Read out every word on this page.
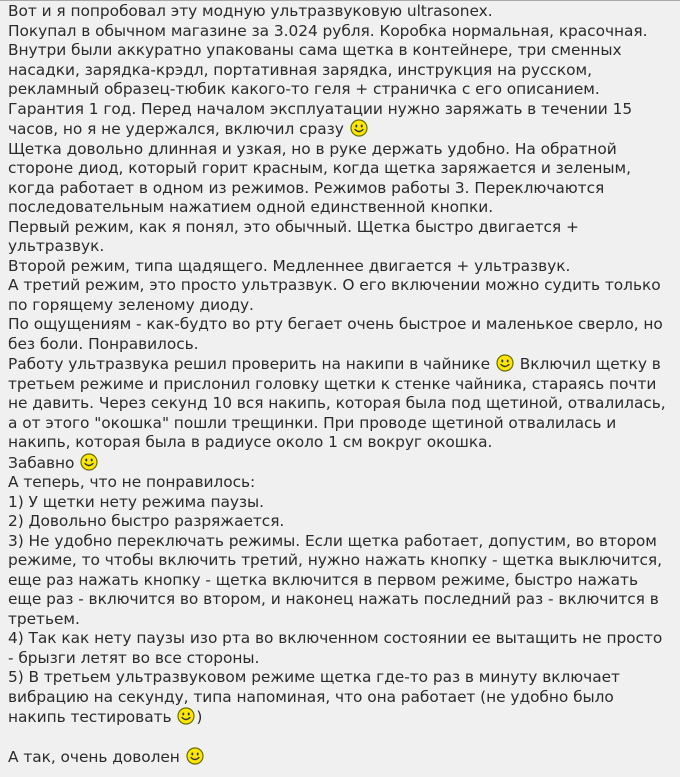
Вот и я попробовал эту модную ультразвуковую ultrasonex.

Покупал в обычном магазине за 3.024 рубля. Коробка нормальная, красочная. Внутри были аккуратно упакованы сама щетка в контейнере, три сменных насадки, зарядка-крэдл, портативная зарядка, инструкция на русском, рекламный образец-тюбик какого-то геля + страничка с его описанием. Гарантия 1 год. Перед началом эксплуатации нужно заряжать в течении 15 часов, но я не удержался, включил сразу

Щетка довольно длинная и узкая, но в руке держать удобно. На обратной стороне диод, который горит красным, когда щетка заряжается и зеленым, когда работает в одном из режимов. Режимов работы 3. Переключаются последовательным нажатием одной единственной кнопки.

Первый режим, как я понял, это обычный. Щетка быстро двигается + ультразвук.

Второй режим, типа щадящего. Медленнее двигается + ультразвук.

А третий режим, это просто ультразвук. О его включении можно судить только по горящему зеленому диоду.

По ощущениям - как-будто во рту бегает очень быстрое и маленькое сверло, но без боли. Понравилось.

Работу ультразвука решил проверить на накипи в чайнике Включил щетку в третьем режиме и прислонил головку щетки к стенке чайника, стараясь почти не давить. Через секунд 10 вся накипь, которая была под щетиной, отвалилась, а от этого "окошка" пошли трещинки. При проводе щетиной отвалилась и накипь, которая была в радиусе около 1 см вокруг окошка.

Забавно

А теперь, что не понравилось:

1) У щетки нету режима паузы.

2) Довольно быстро разряжается.

3) Не удобно переключать режимы. Если щетка работает, допустим, во втором режиме, то чтобы включить третий, нужно нажать кнопку - щетка выключится, еще раз нажать кнопку - щетка включится в первом режиме, быстро нажать еще раз - включится во втором, и наконец нажать последний раз - включится в третьем.

4) Так как нету паузы изо рта во включенном состоянии ее вытащить не просто - брызги летят во все стороны.

5) В третьем ультразвуковом режиме щетка где-то раз в минуту включает вибрацию на секунду, типа напоминая, что она работает (не удобно было накипь тестировать )

А так, очень доволен
